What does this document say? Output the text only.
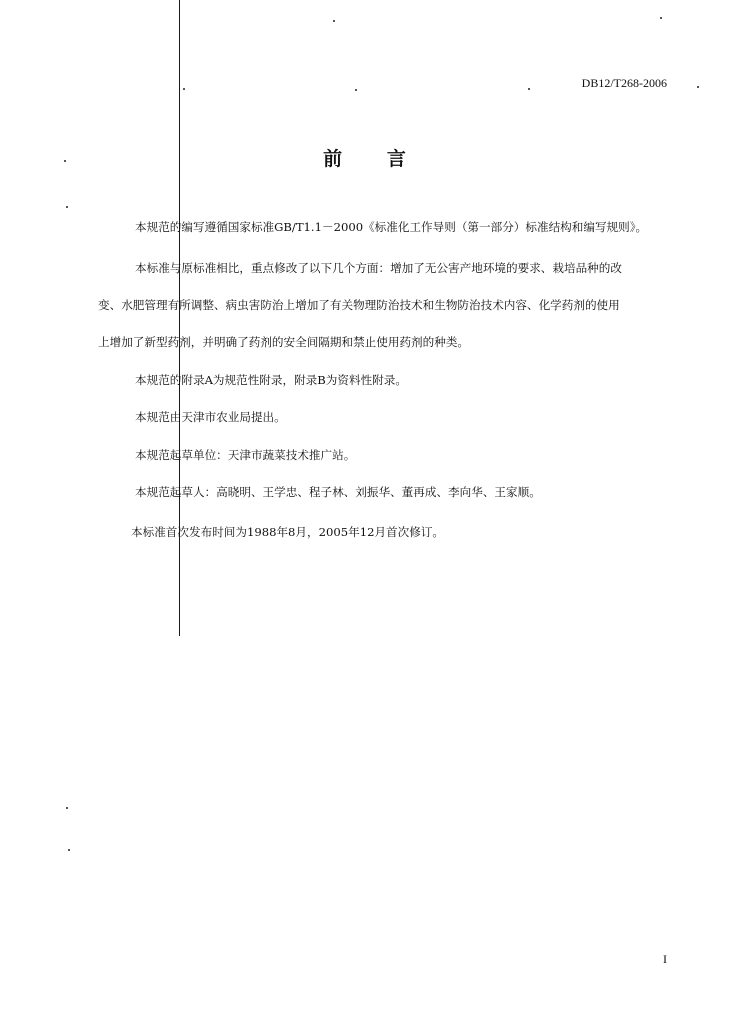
DB12/T268-2006
前 言

本规范的编写遵循国家标准GB/T1.1－2000《标准化工作导则（第一部分）标准结构和编写规则》。

本标准与原标准相比，重点修改了以下几个方面：增加了无公害产地环境的要求、栽培品种的改

变、水肥管理有所调整、病虫害防治上增加了有关物理防治技术和生物防治技术内容、化学药剂的使用

上增加了新型药剂，并明确了药剂的安全间隔期和禁止使用药剂的种类。

本规范的附录A为规范性附录，附录B为资料性附录。

本规范由天津市农业局提出。

本规范起草单位：天津市蔬菜技术推广站。

本规范起草人：高晓明、王学忠、程子林、刘振华、董再成、李向华、王家顺。

本标准首次发布时间为1988年8月，2005年12月首次修订。

I
